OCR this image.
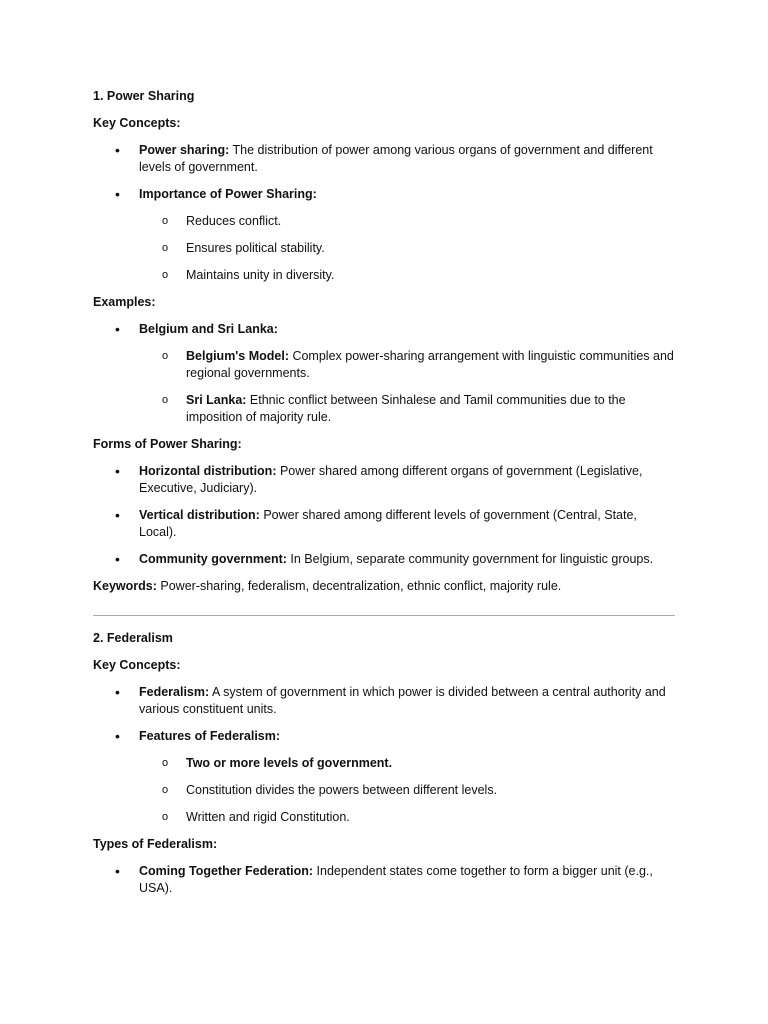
1. Power Sharing

Key Concepts:

• Power sharing: The distribution of power among various organs of government and different levels of government.
• Importance of Power Sharing:
o Reduces conflict.
o Ensures political stability.
o Maintains unity in diversity.

Examples:

• Belgium and Sri Lanka:
o Belgium's Model: Complex power-sharing arrangement with linguistic communities and regional governments.
o Sri Lanka: Ethnic conflict between Sinhalese and Tamil communities due to the imposition of majority rule.

Forms of Power Sharing:

• Horizontal distribution: Power shared among different organs of government (Legislative, Executive, Judiciary).
• Vertical distribution: Power shared among different levels of government (Central, State, Local).
• Community government: In Belgium, separate community government for linguistic groups.

Keywords: Power-sharing, federalism, decentralization, ethnic conflict, majority rule.

2. Federalism

Key Concepts:

• Federalism: A system of government in which power is divided between a central authority and various constituent units.
• Features of Federalism:
o Two or more levels of government.
o Constitution divides the powers between different levels.
o Written and rigid Constitution.

Types of Federalism:

• Coming Together Federation: Independent states come together to form a bigger unit (e.g., USA).
